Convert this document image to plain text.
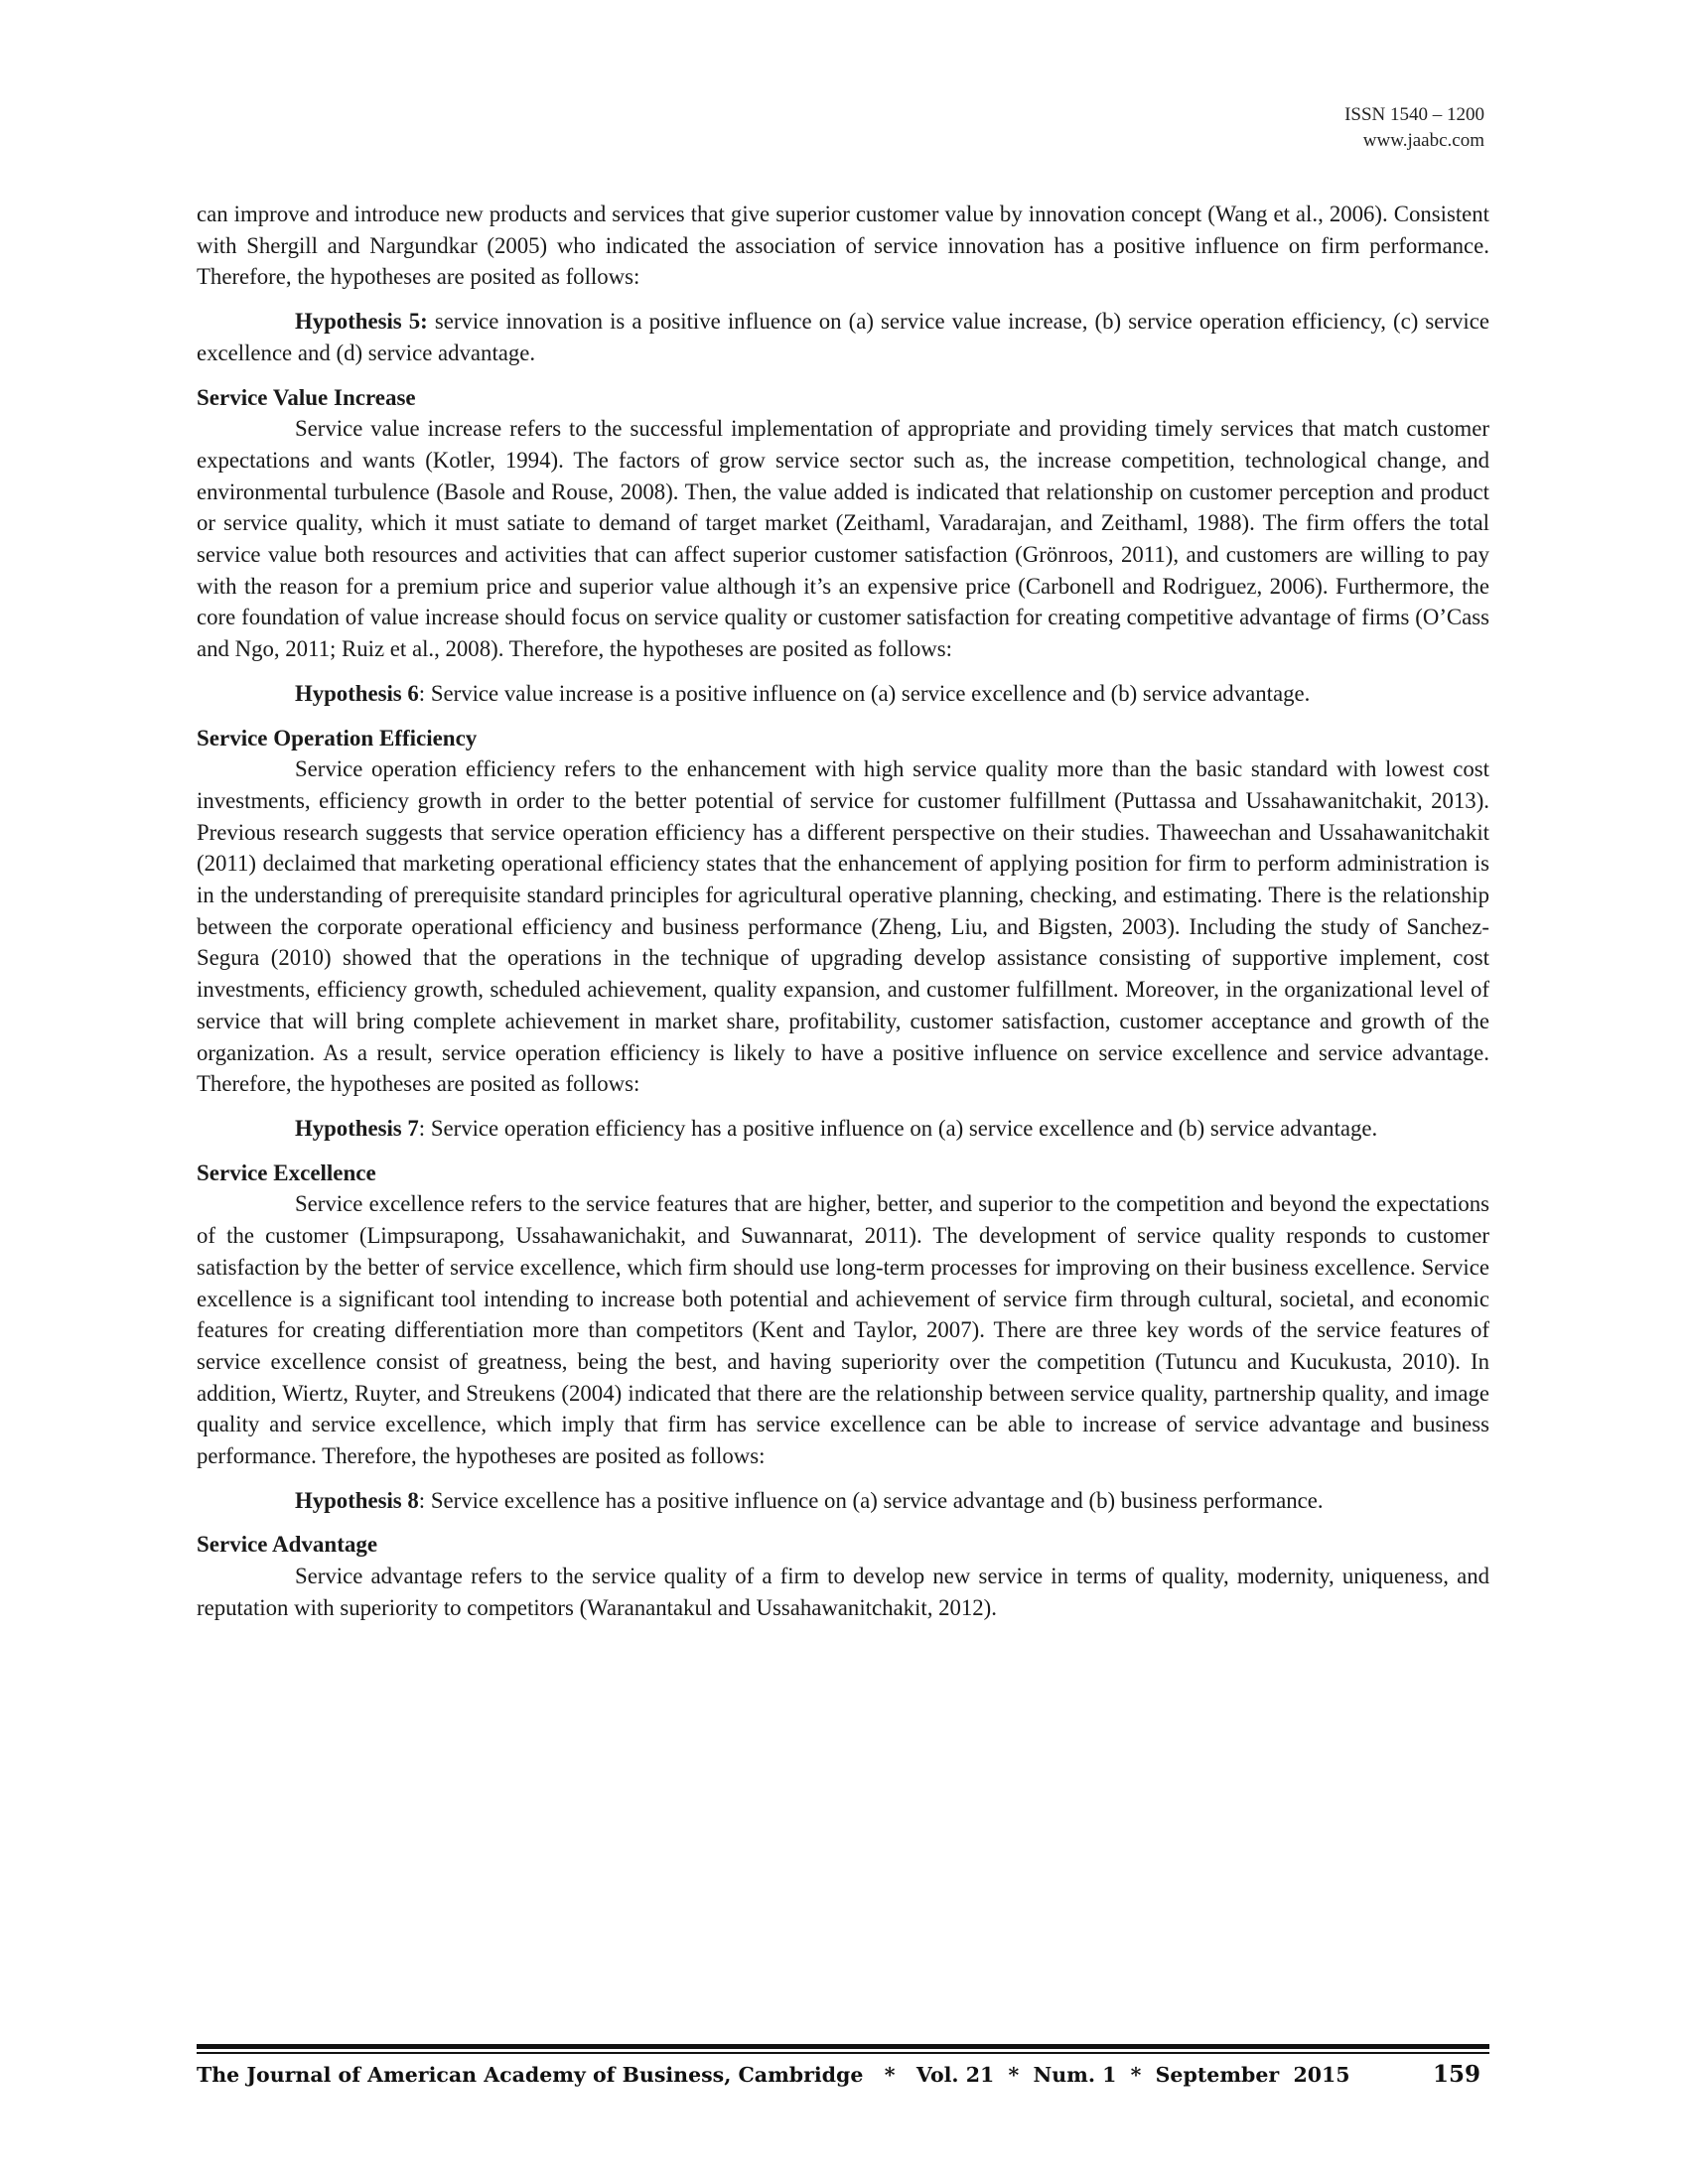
ISSN 1540 – 1200
www.jaabc.com

can improve and introduce new products and services that give superior customer value by innovation concept (Wang et al., 2006). Consistent with Shergill and Nargundkar (2005) who indicated the association of service innovation has a positive influence on firm performance. Therefore, the hypotheses are posited as follows:

Hypothesis 5: service innovation is a positive influence on (a) service value increase, (b) service operation efficiency, (c) service excellence and (d) service advantage.

Service Value Increase

Service value increase refers to the successful implementation of appropriate and providing timely services that match customer expectations and wants (Kotler, 1994). The factors of grow service sector such as, the increase competition, technological change, and environmental turbulence (Basole and Rouse, 2008). Then, the value added is indicated that relationship on customer perception and product or service quality, which it must satiate to demand of target market (Zeithaml, Varadarajan, and Zeithaml, 1988). The firm offers the total service value both resources and activities that can affect superior customer satisfaction (Grönroos, 2011), and customers are willing to pay with the reason for a premium price and superior value although it’s an expensive price (Carbonell and Rodriguez, 2006). Furthermore, the core foundation of value increase should focus on service quality or customer satisfaction for creating competitive advantage of firms (O’Cass and Ngo, 2011; Ruiz et al., 2008). Therefore, the hypotheses are posited as follows:

Hypothesis 6: Service value increase is a positive influence on (a) service excellence and (b) service advantage.

Service Operation Efficiency

Service operation efficiency refers to the enhancement with high service quality more than the basic standard with lowest cost investments, efficiency growth in order to the better potential of service for customer fulfillment (Puttassa and Ussahawanitchakit, 2013). Previous research suggests that service operation efficiency has a different perspective on their studies. Thaweechan and Ussahawanitchakit (2011) declaimed that marketing operational efficiency states that the enhancement of applying position for firm to perform administration is in the understanding of prerequisite standard principles for agricultural operative planning, checking, and estimating. There is the relationship between the corporate operational efficiency and business performance (Zheng, Liu, and Bigsten, 2003). Including the study of Sanchez-Segura (2010) showed that the operations in the technique of upgrading develop assistance consisting of supportive implement, cost investments, efficiency growth, scheduled achievement, quality expansion, and customer fulfillment. Moreover, in the organizational level of service that will bring complete achievement in market share, profitability, customer satisfaction, customer acceptance and growth of the organization. As a result, service operation efficiency is likely to have a positive influence on service excellence and service advantage. Therefore, the hypotheses are posited as follows:

Hypothesis 7: Service operation efficiency has a positive influence on (a) service excellence and (b) service advantage.

Service Excellence

Service excellence refers to the service features that are higher, better, and superior to the competition and beyond the expectations of the customer (Limpsurapong, Ussahawanichakit, and Suwannarat, 2011). The development of service quality responds to customer satisfaction by the better of service excellence, which firm should use long-term processes for improving on their business excellence. Service excellence is a significant tool intending to increase both potential and achievement of service firm through cultural, societal, and economic features for creating differentiation more than competitors (Kent and Taylor, 2007). There are three key words of the service features of service excellence consist of greatness, being the best, and having superiority over the competition (Tutuncu and Kucukusta, 2010). In addition, Wiertz, Ruyter, and Streukens (2004) indicated that there are the relationship between service quality, partnership quality, and image quality and service excellence, which imply that firm has service excellence can be able to increase of service advantage and business performance. Therefore, the hypotheses are posited as follows:

Hypothesis 8: Service excellence has a positive influence on (a) service advantage and (b) business performance.

Service Advantage

Service advantage refers to the service quality of a firm to develop new service in terms of quality, modernity, uniqueness, and reputation with superiority to competitors (Waranantakul and Ussahawanitchakit, 2012).

The Journal of American Academy of Business, Cambridge   *   Vol. 21  *  Num. 1  *  September  2015	159
